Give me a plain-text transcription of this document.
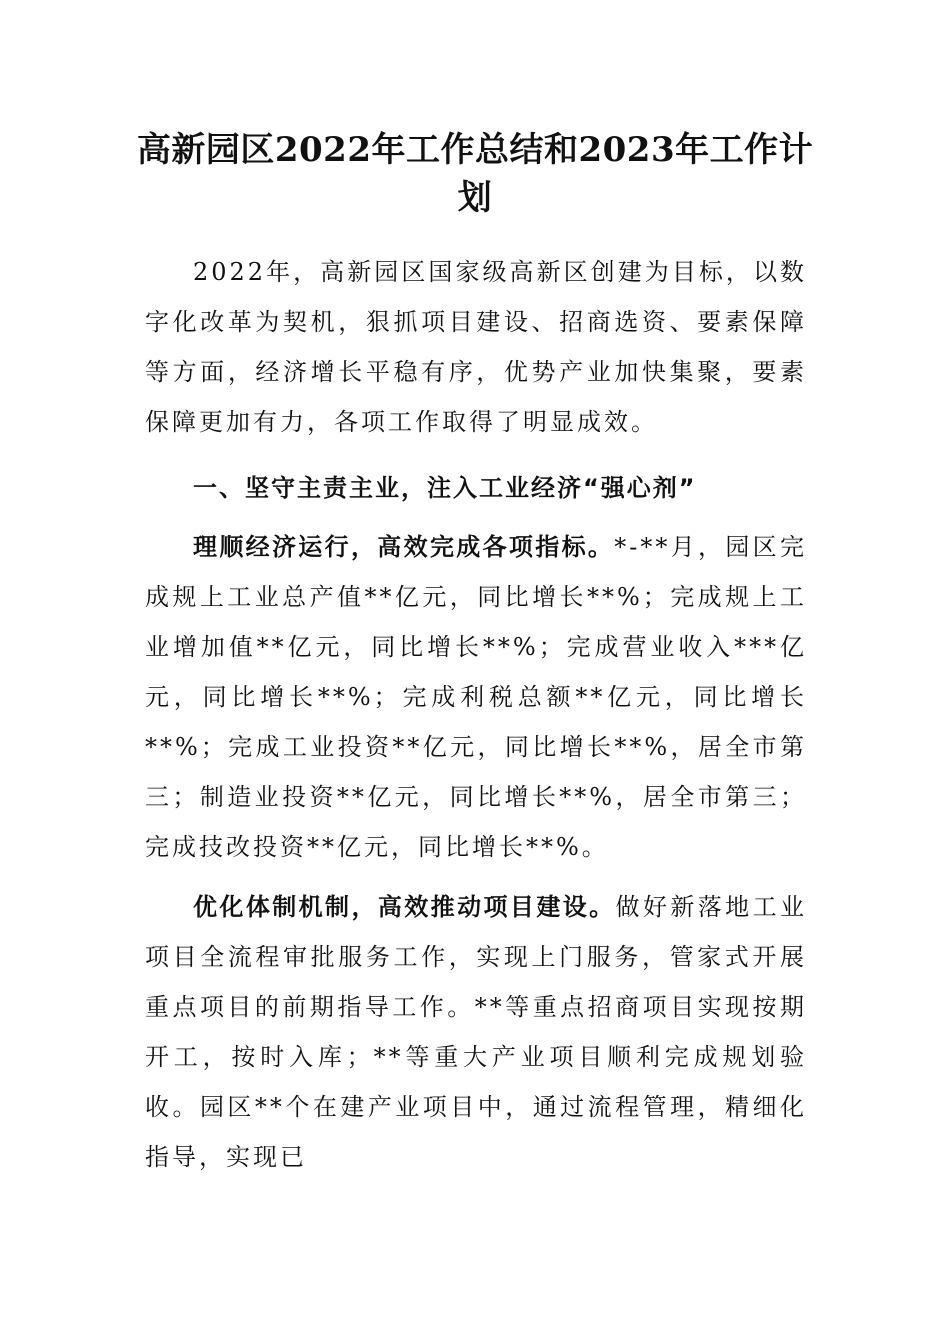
高新园区2022年工作总结和2023年工作计划

2022年，高新园区国家级高新区创建为目标，以数字化改革为契机，狠抓项目建设、招商选资、要素保障等方面，经济增长平稳有序，优势产业加快集聚，要素保障更加有力，各项工作取得了明显成效。

一、坚守主责主业，注入工业经济“强心剂”

理顺经济运行，高效完成各项指标。*-**月，园区完成规上工业总产值**亿元，同比增长**%；完成规上工业增加值**亿元，同比增长**%；完成营业收入***亿元，同比增长**%；完成利税总额**亿元，同比增长**%；完成工业投资**亿元，同比增长**%，居全市第三；制造业投资**亿元，同比增长**%，居全市第三；完成技改投资**亿元，同比增长**%。

优化体制机制，高效推动项目建设。做好新落地工业项目全流程审批服务工作，实现上门服务，管家式开展重点项目的前期指导工作。**等重点招商项目实现按期开工，按时入库；**等重大产业项目顺利完成规划验收。园区**个在建产业项目中，通过流程管理，精细化指导，实现已
